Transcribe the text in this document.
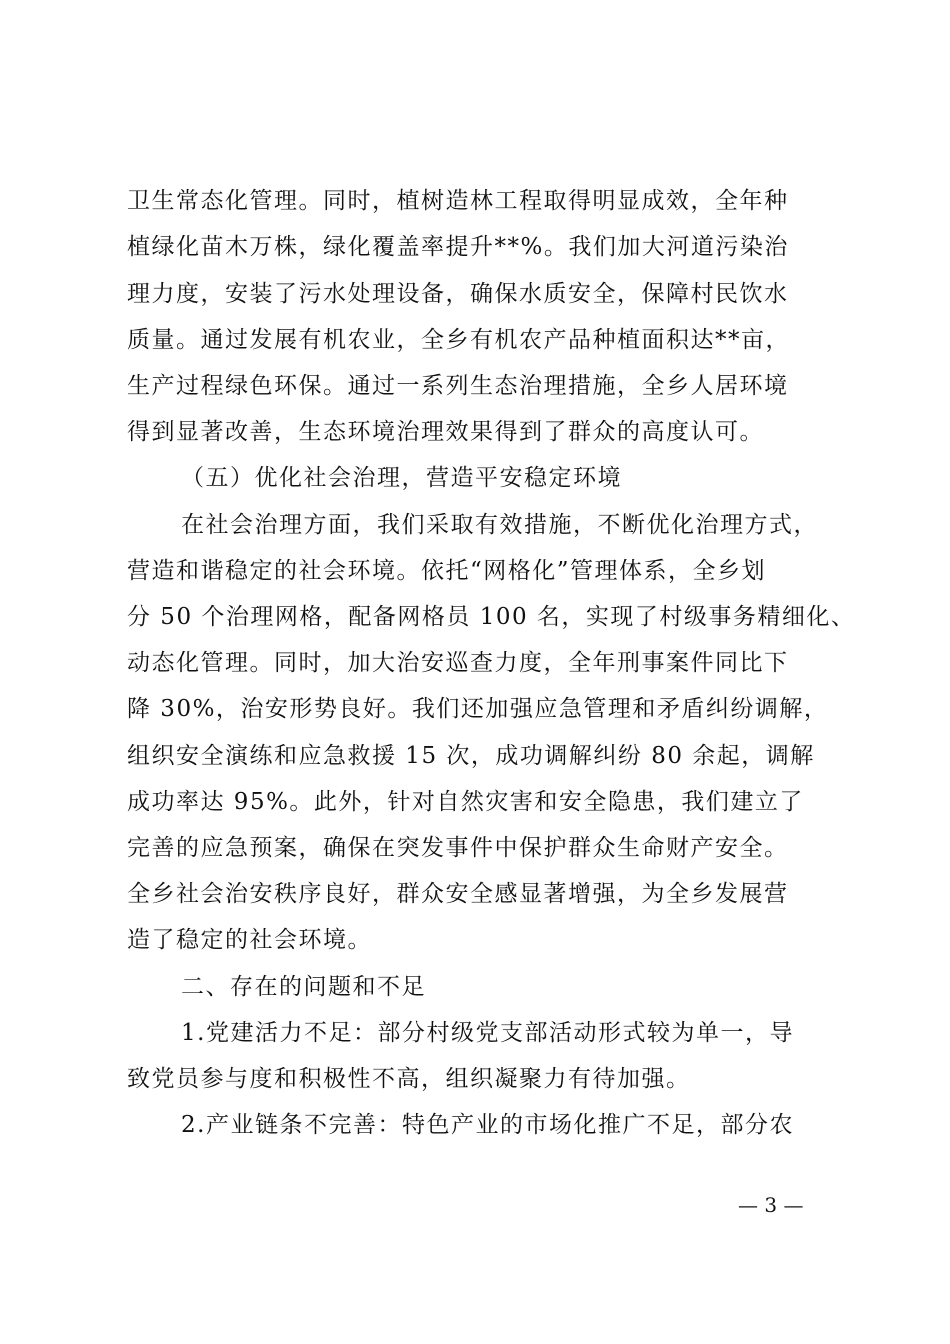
卫生常态化管理。同时，植树造林工程取得明显成效，全年种
植绿化苗木万株，绿化覆盖率提升**%。我们加大河道污染治
理力度，安装了污水处理设备，确保水质安全，保障村民饮水
质量。通过发展有机农业，全乡有机农产品种植面积达**亩，
生产过程绿色环保。通过一系列生态治理措施，全乡人居环境
得到显著改善，生态环境治理效果得到了群众的高度认可。
（五）优化社会治理，营造平安稳定环境
在社会治理方面，我们采取有效措施，不断优化治理方式，
营造和谐稳定的社会环境。依托“网格化”管理体系，全乡划
分 50 个治理网格，配备网格员 100 名，实现了村级事务精细化、
动态化管理。同时，加大治安巡查力度，全年刑事案件同比下
降 30%，治安形势良好。我们还加强应急管理和矛盾纠纷调解，
组织安全演练和应急救援 15 次，成功调解纠纷 80 余起，调解
成功率达 95%。此外，针对自然灾害和安全隐患，我们建立了
完善的应急预案，确保在突发事件中保护群众生命财产安全。
全乡社会治安秩序良好，群众安全感显著增强，为全乡发展营
造了稳定的社会环境。
二、存在的问题和不足
1.党建活力不足：部分村级党支部活动形式较为单一，导
致党员参与度和积极性不高，组织凝聚力有待加强。
2.产业链条不完善：特色产业的市场化推广不足，部分农
— 3 —
